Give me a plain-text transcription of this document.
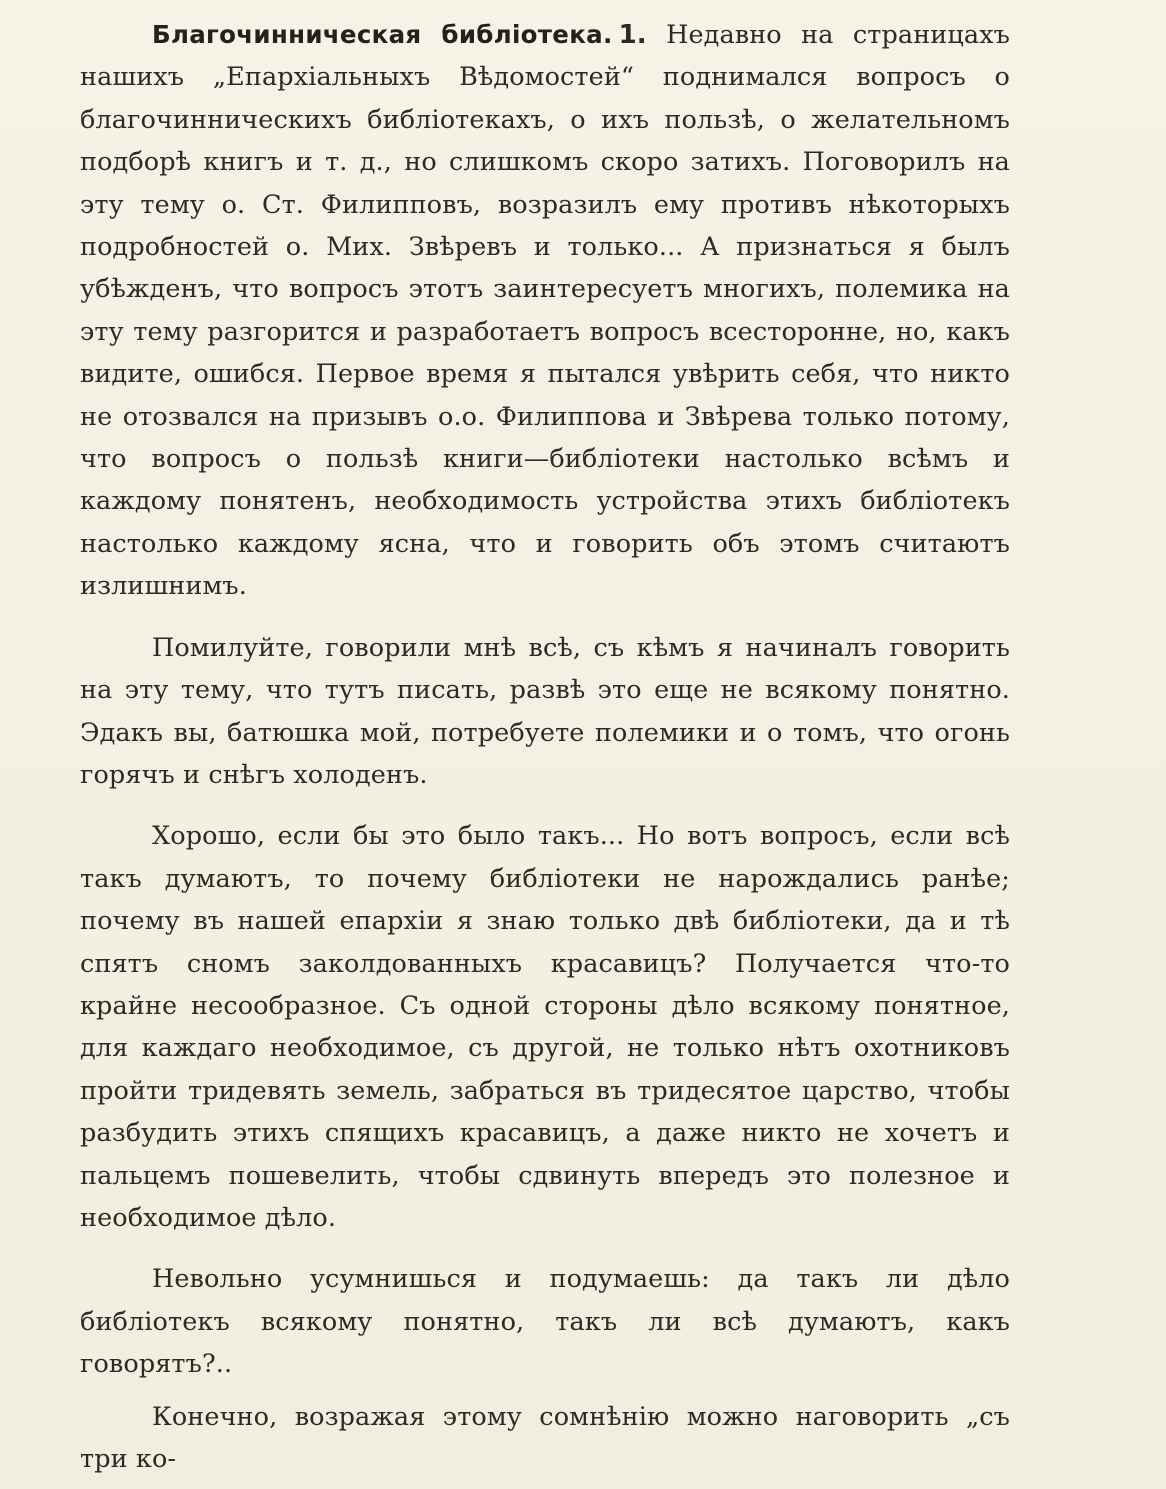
Благочинническая библіотека. 1. Недавно на страницахъ нашихъ „Епархіальныхъ Вѣдомостей“ поднимался вопросъ о благочинническихъ библіотекахъ, о ихъ пользѣ, о желательномъ подборѣ книгъ и т. д., но слишкомъ скоро затихъ. Поговорилъ на эту тему о. Ст. Филипповъ, возразилъ ему противъ нѣкоторыхъ подробностей о. Мих. Звѣревъ и только... А признаться я былъ убѣжденъ, что вопросъ этотъ заинтересуетъ многихъ, полемика на эту тему разгорится и разработаетъ вопросъ всесторонне, но, какъ видите, ошибся. Первое время я пытался увѣрить себя, что никто не отозвался на призывъ о.о. Филиппова и Звѣрева только потому, что вопросъ о пользѣ книги—библіотеки настолько всѣмъ и каждому понятенъ, необходимость устройства этихъ библіотекъ настолько каждому ясна, что и говорить объ этомъ считаютъ излишнимъ.

Помилуйте, говорили мнѣ всѣ, съ кѣмъ я начиналъ говорить на эту тему, что тутъ писать, развѣ это еще не всякому понятно. Эдакъ вы, батюшка мой, потребуете полемики и о томъ, что огонь горячъ и снѣгъ холоденъ.

Хорошо, если бы это было такъ... Но вотъ вопросъ, если всѣ такъ думаютъ, то почему библіотеки не нарождались ранѣе; почему въ нашей епархіи я знаю только двѣ библіотеки, да и тѣ спятъ сномъ заколдованныхъ красавицъ? Получается что-то крайне несообразное. Съ одной стороны дѣло всякому понятное, для каждаго необходимое, съ другой, не только нѣтъ охотниковъ пройти тридевять земель, забраться въ тридесятое царство, чтобы разбудить этихъ спящихъ красавицъ, а даже никто не хочетъ и пальцемъ пошевелить, чтобы сдвинуть впередъ это полезное и необходимое дѣло.

Невольно усумнишься и подумаешь: да такъ ли дѣло библіотекъ всякому понятно, такъ ли всѣ думаютъ, какъ говорятъ?..

Конечно, возражая этому сомнѣнію можно наговорить „съ три ко-
